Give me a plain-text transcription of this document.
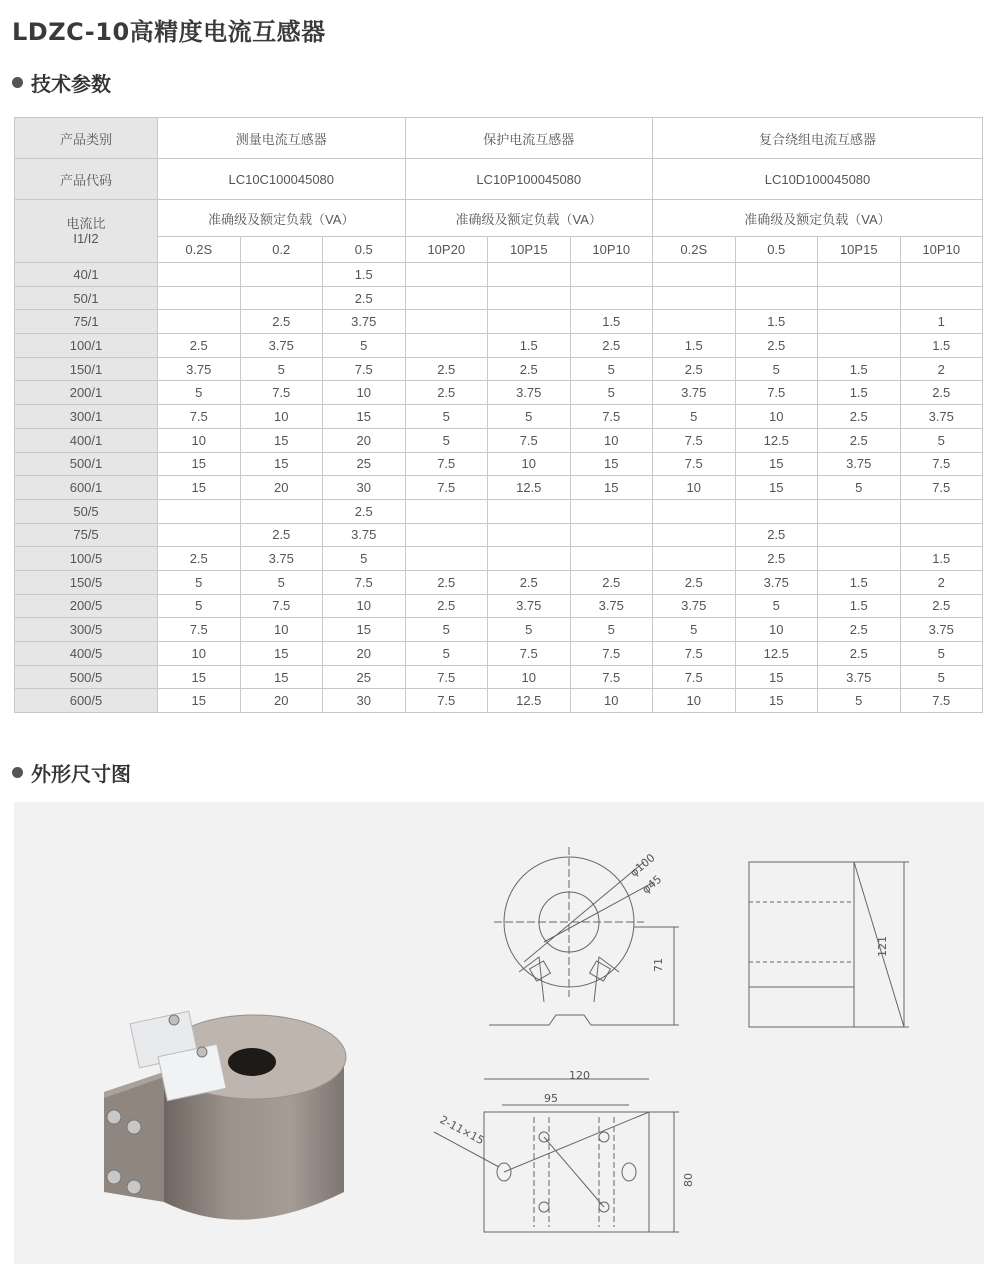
LDZC-10高精度电流互感器
技术参数
产品类别	测量电流互感器			保护电流互感器			复合绕组电流互感器			
产品代码	LC10C100045080			LC10P100045080			LC10D100045080			

电流比
I1/I2	准确级及额定负载（VA）			准确级及额定负载（VA）			准确级及额定负载（VA）			
	0.2S	0.2	0.5	10P20	10P15	10P10	0.2S	0.5	10P15	10P10
40/1			1.5							
50/1			2.5							
75/1		2.5	3.75			1.5		1.5		1
100/1	2.5	3.75	5		1.5	2.5	1.5	2.5		1.5
150/1	3.75	5	7.5	2.5	2.5	5	2.5	5	1.5	2
200/1	5	7.5	10	2.5	3.75	5	3.75	7.5	1.5	2.5
300/1	7.5	10	15	5	5	7.5	5	10	2.5	3.75
400/1	10	15	20	5	7.5	10	7.5	12.5	2.5	5
500/1	15	15	25	7.5	10	15	7.5	15	3.75	7.5
600/1	15	20	30	7.5	12.5	15	10	15	5	7.5
50/5			2.5							
75/5		2.5	3.75					2.5		
100/5	2.5	3.75	5					2.5		1.5
150/5	5	5	7.5	2.5	2.5	2.5	2.5	3.75	1.5	2
200/5	5	7.5	10	2.5	3.75	3.75	3.75	5	1.5	2.5
300/5	7.5	10	15	5	5	5	5	10	2.5	3.75
400/5	10	15	20	5	7.5	7.5	7.5	12.5	2.5	5
500/5	15	15	25	7.5	10	7.5	7.5	15	3.75	5
600/5	15	20	30	7.5	12.5	10	10	15	5	7.5
外形尺寸图
71
φ100
φ45
121
120
95
2-11×15
80
